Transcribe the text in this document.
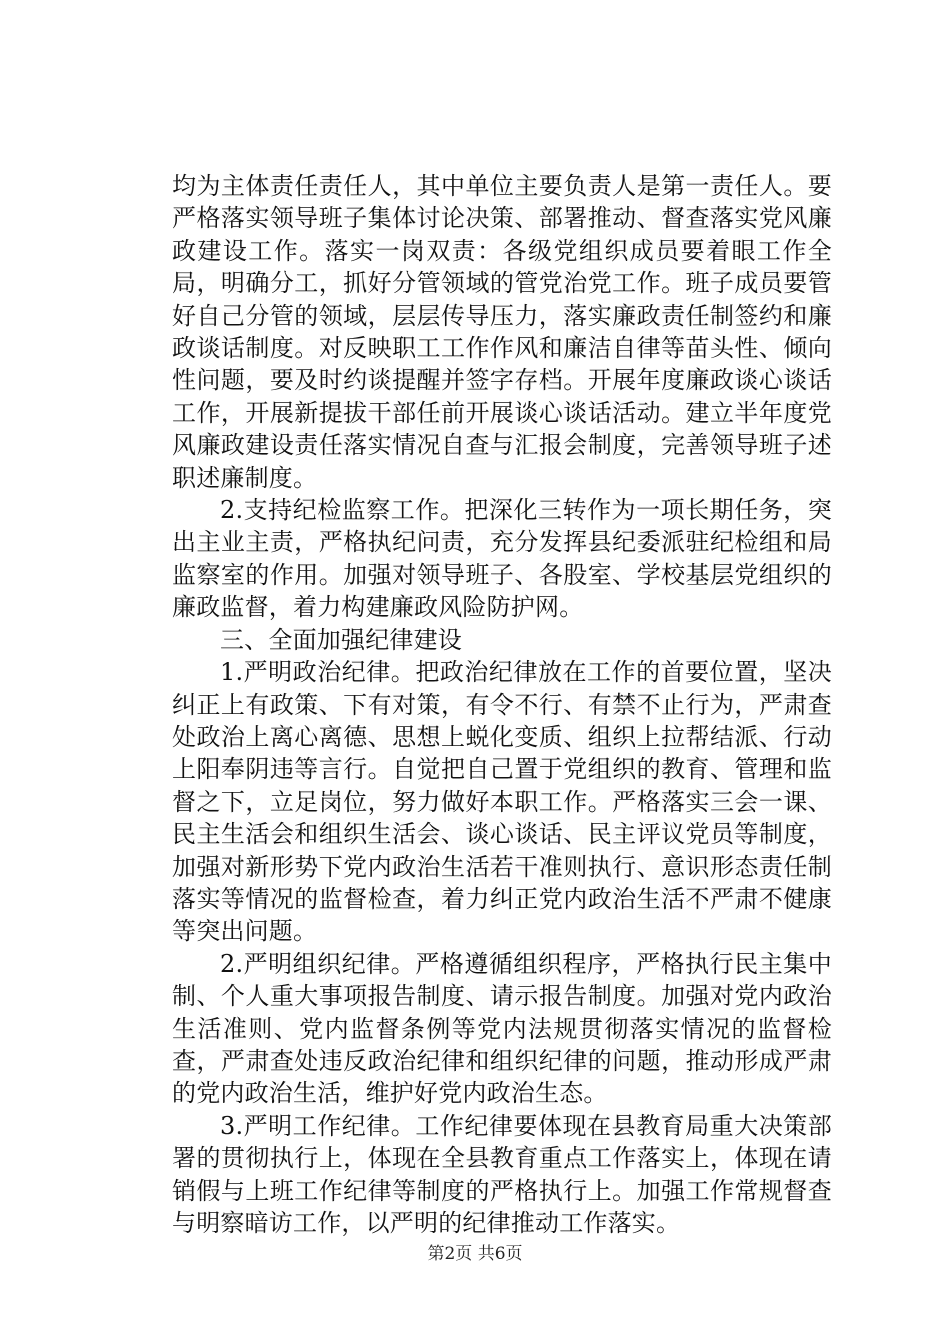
均为主体责任责任人，其中单位主要负责人是第一责任人。要严格落实领导班子集体讨论决策、部署推动、督查落实党风廉政建设工作。落实一岗双责：各级党组织成员要着眼工作全局，明确分工，抓好分管领域的管党治党工作。班子成员要管好自己分管的领域，层层传导压力，落实廉政责任制签约和廉政谈话制度。对反映职工工作作风和廉洁自律等苗头性、倾向性问题，要及时约谈提醒并签字存档。开展年度廉政谈心谈话工作，开展新提拔干部任前开展谈心谈话活动。建立半年度党风廉政建设责任落实情况自查与汇报会制度，完善领导班子述职述廉制度。

2.支持纪检监察工作。把深化三转作为一项长期任务，突出主业主责，严格执纪问责，充分发挥县纪委派驻纪检组和局监察室的作用。加强对领导班子、各股室、学校基层党组织的廉政监督，着力构建廉政风险防护网。

三、全面加强纪律建设

1.严明政治纪律。把政治纪律放在工作的首要位置，坚决纠正上有政策、下有对策，有令不行、有禁不止行为，严肃查处政治上离心离德、思想上蜕化变质、组织上拉帮结派、行动上阳奉阴违等言行。自觉把自己置于党组织的教育、管理和监督之下，立足岗位，努力做好本职工作。严格落实三会一课、民主生活会和组织生活会、谈心谈话、民主评议党员等制度，加强对新形势下党内政治生活若干准则执行、意识形态责任制落实等情况的监督检查，着力纠正党内政治生活不严肃不健康等突出问题。

2.严明组织纪律。严格遵循组织程序，严格执行民主集中制、个人重大事项报告制度、请示报告制度。加强对党内政治生活准则、党内监督条例等党内法规贯彻落实情况的监督检查，严肃查处违反政治纪律和组织纪律的问题，推动形成严肃的党内政治生活，维护好党内政治生态。

3.严明工作纪律。工作纪律要体现在县教育局重大决策部署的贯彻执行上，体现在全县教育重点工作落实上，体现在请销假与上班工作纪律等制度的严格执行上。加强工作常规督查与明察暗访工作，以严明的纪律推动工作落实。

第2页 共6页
